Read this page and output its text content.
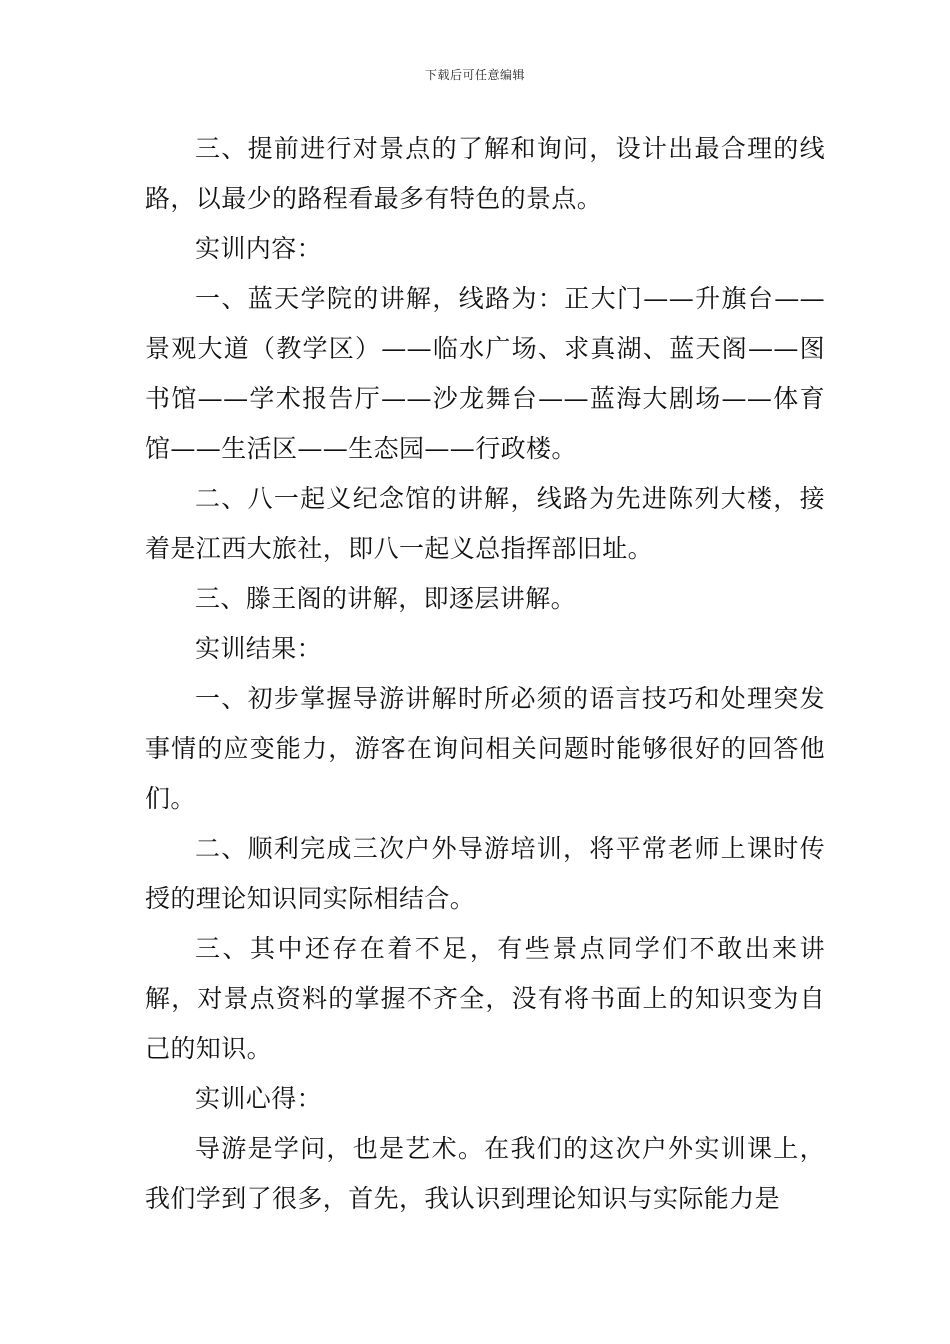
下载后可任意编辑

三、提前进行对景点的了解和询问，设计出最合理的线路，以最少的路程看最多有特色的景点。

实训内容：

一、蓝天学院的讲解，线路为：正大门——升旗台——景观大道（教学区）——临水广场、求真湖、蓝天阁——图书馆——学术报告厅——沙龙舞台——蓝海大剧场——体育馆——生活区——生态园——行政楼。

二、八一起义纪念馆的讲解，线路为先进陈列大楼，接着是江西大旅社，即八一起义总指挥部旧址。

三、滕王阁的讲解，即逐层讲解。

实训结果：

一、初步掌握导游讲解时所必须的语言技巧和处理突发事情的应变能力，游客在询问相关问题时能够很好的回答他们。

二、顺利完成三次户外导游培训，将平常老师上课时传授的理论知识同实际相结合。

三、其中还存在着不足，有些景点同学们不敢出来讲解，对景点资料的掌握不齐全，没有将书面上的知识变为自己的知识。

实训心得：

导游是学问，也是艺术。在我们的这次户外实训课上，我们学到了很多，首先，我认识到理论知识与实际能力是
